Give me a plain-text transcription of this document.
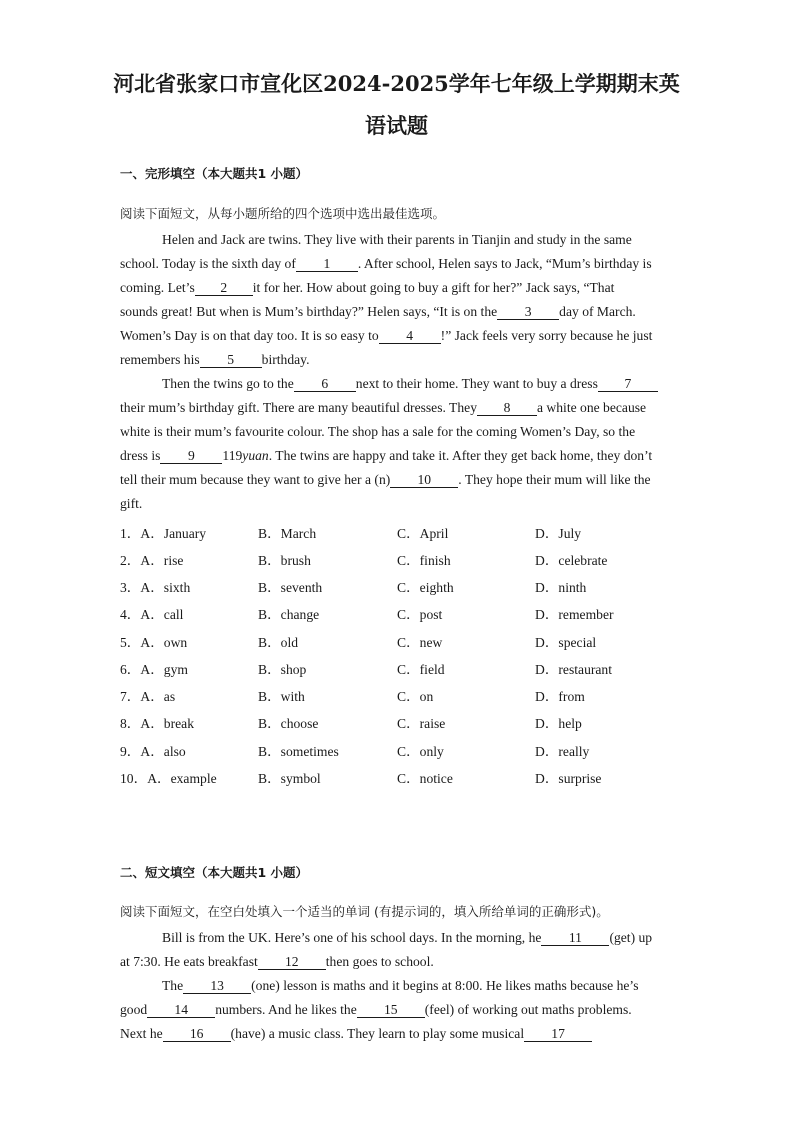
河北省张家口市宣化区2024-2025学年七年级上学期期末英
语试题
一、完形填空（本大题共1 小题）
阅读下面短文，从每小题所给的四个选项中选出最佳选项。
Helen and Jack are twins. They live with their parents in Tianjin and study in the same
school. Today is the sixth day of 1 . After school, Helen says to Jack, “Mum’s birthday is
coming. Let’s 2 it for her. How about going to buy a gift for her?” Jack says, “That
sounds great! But when is Mum’s birthday?” Helen says, “It is on the 3 day of March.
Women’s Day is on that day too. It is so easy to 4 !” Jack feels very sorry because he just
remembers his 5 birthday.
Then the twins go to the 6 next to their home. They want to buy a dress 7
their mum’s birthday gift. There are many beautiful dresses. They 8 a white one because
white is their mum’s favourite colour. The shop has a sale for the coming Women’s Day, so the
dress is 9 119yuan. The twins are happy and take it. After they get back home, they don’t
tell their mum because they want to give her a (n) 10 . They hope their mum will like the
gift.
1．A．January	B．March	C．April	D．July
2．A．rise	B．brush	C．finish	D．celebrate
3．A．sixth	B．seventh	C．eighth	D．ninth
4．A．call	B．change	C．post	D．remember
5．A．own	B．old	C．new	D．special
6．A．gym	B．shop	C．field	D．restaurant
7．A．as	B．with	C．on	D．from
8．A．break	B．choose	C．raise	D．help
9．A．also	B．sometimes	C．only	D．really
10．A．example	B．symbol	C．notice	D．surprise
二、短文填空（本大题共1 小题）
阅读下面短文，在空白处填入一个适当的单词 (有提示词的，填入所给单词的正确形式)。
Bill is from the UK. Here’s one of his school days. In the morning, he 11 (get) up
at 7:30. He eats breakfast 12 then goes to school.
The 13 (one) lesson is maths and it begins at 8:00. He likes maths because he’s
good 14 numbers. And he likes the 15 (feel) of working out maths problems.
Next he 16 (have) a music class. They learn to play some musical 17
